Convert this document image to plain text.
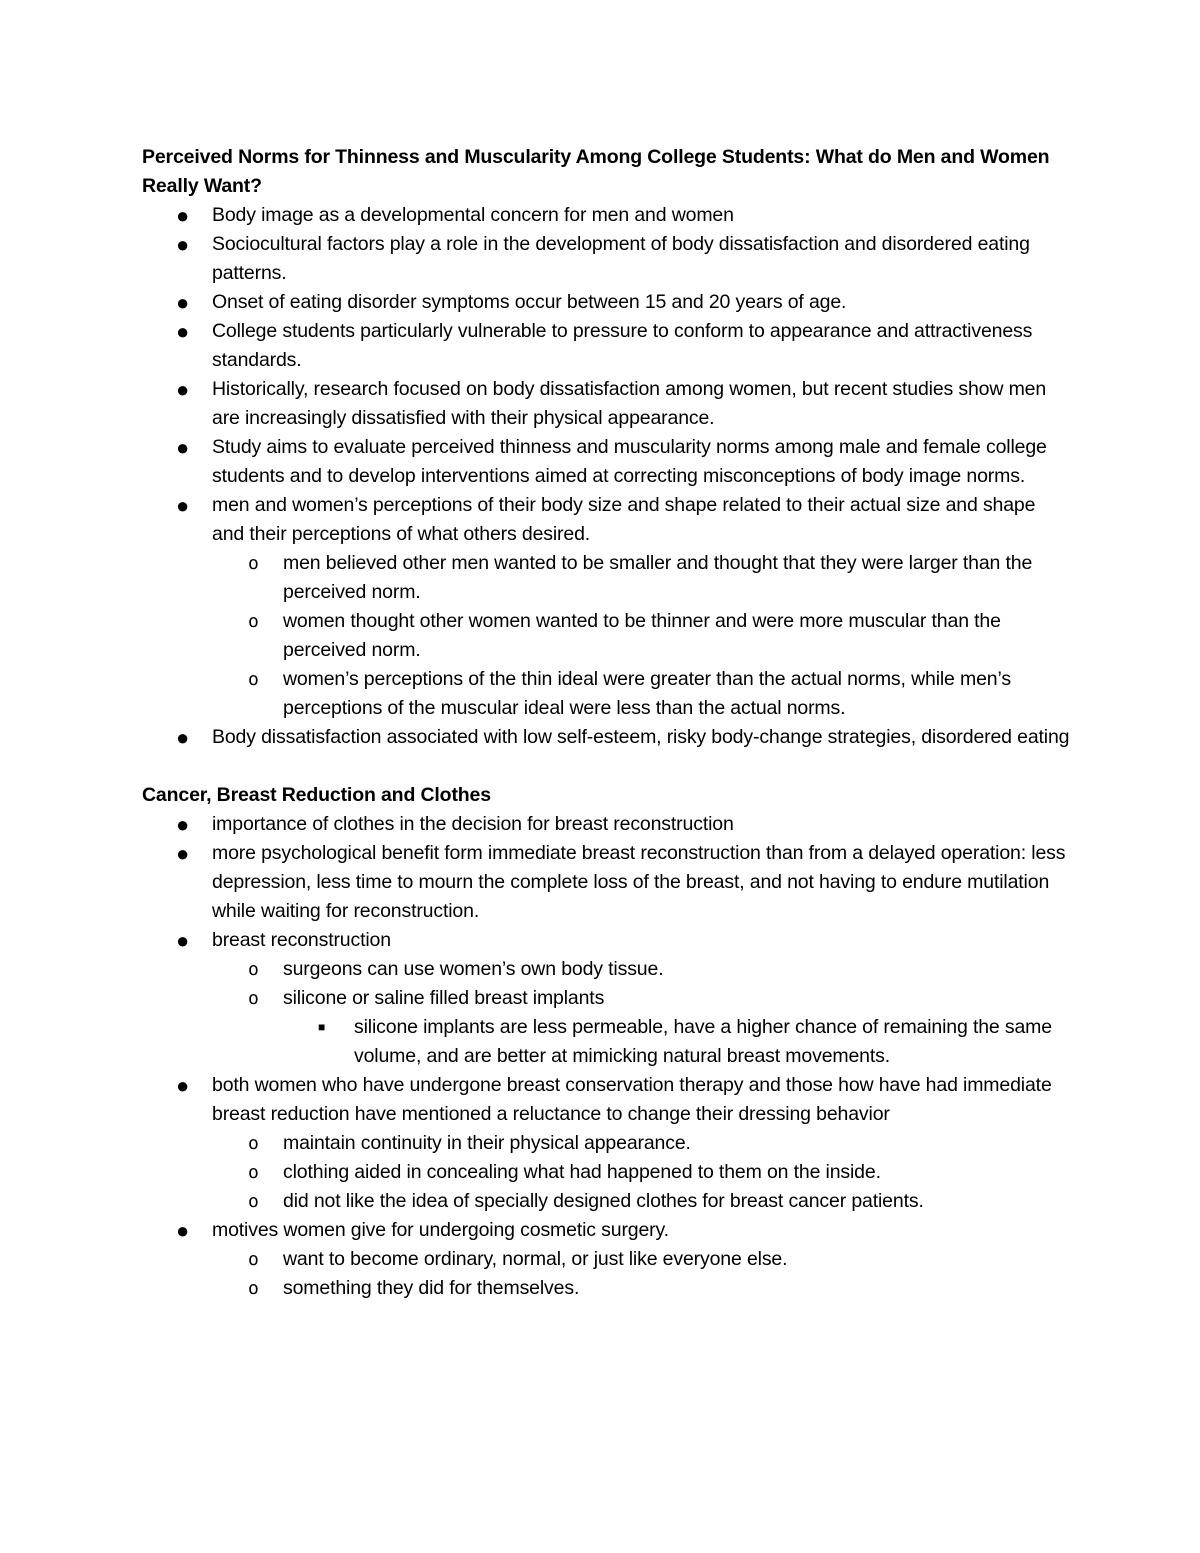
Perceived Norms for Thinness and Muscularity Among College Students: What do Men and Women Really Want?
● Body image as a developmental concern for men and women
● Sociocultural factors play a role in the development of body dissatisfaction and disordered eating patterns.
● Onset of eating disorder symptoms occur between 15 and 20 years of age.
● College students particularly vulnerable to pressure to conform to appearance and attractiveness standards.
● Historically, research focused on body dissatisfaction among women, but recent studies show men are increasingly dissatisfied with their physical appearance.
● Study aims to evaluate perceived thinness and muscularity norms among male and female college students and to develop interventions aimed at correcting misconceptions of body image norms.
● men and women’s perceptions of their body size and shape related to their actual size and shape and their perceptions of what others desired.
o men believed other men wanted to be smaller and thought that they were larger than the perceived norm.
o women thought other women wanted to be thinner and were more muscular than the perceived norm.
o women’s perceptions of the thin ideal were greater than the actual norms, while men’s perceptions of the muscular ideal were less than the actual norms.
● Body dissatisfaction associated with low self-esteem, risky body-change strategies, disordered eating
Cancer, Breast Reduction and Clothes
● importance of clothes in the decision for breast reconstruction
● more psychological benefit form immediate breast reconstruction than from a delayed operation: less depression, less time to mourn the complete loss of the breast, and not having to endure mutilation while waiting for reconstruction.
● breast reconstruction
o surgeons can use women’s own body tissue.
o silicone or saline filled breast implants
■ silicone implants are less permeable, have a higher chance of remaining the same volume, and are better at mimicking natural breast movements.
● both women who have undergone breast conservation therapy and those how have had immediate breast reduction have mentioned a reluctance to change their dressing behavior
o maintain continuity in their physical appearance.
o clothing aided in concealing what had happened to them on the inside.
o did not like the idea of specially designed clothes for breast cancer patients.
● motives women give for undergoing cosmetic surgery.
o want to become ordinary, normal, or just like everyone else.
o something they did for themselves.
